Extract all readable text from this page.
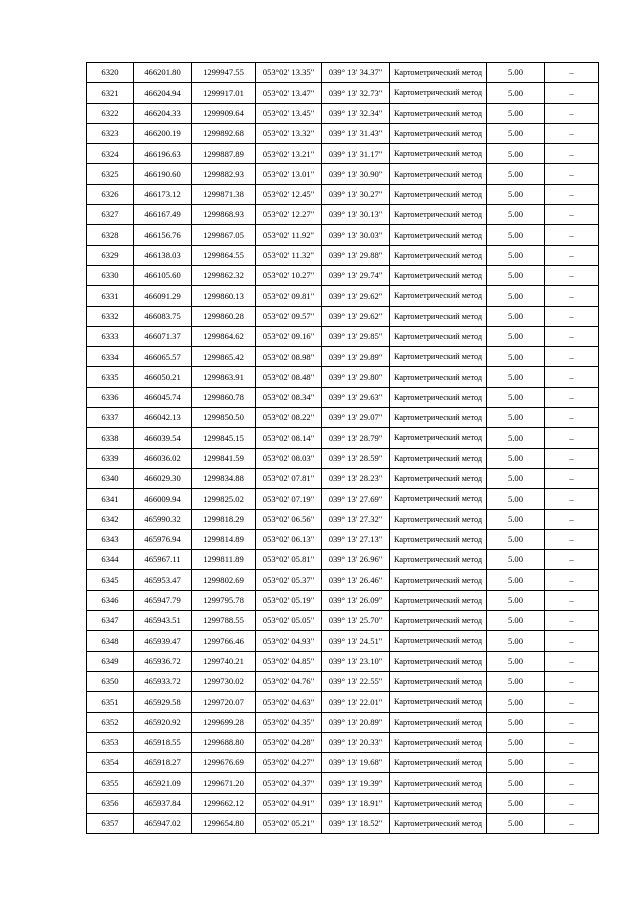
6320	466201.80	1299947.55	053°02' 13.35"	039° 13' 34.37"	Картометрический метод	5.00	–
6321	466204.94	1299917.01	053°02' 13.47"	039° 13' 32.73"	Картометрический метод	5.00	–
6322	466204.33	1299909.64	053°02' 13.45"	039° 13' 32.34"	Картометрический метод	5.00	–
6323	466200.19	1299892.68	053°02' 13.32"	039° 13' 31.43"	Картометрический метод	5.00	–
6324	466196.63	1299887.89	053°02' 13.21"	039° 13' 31.17"	Картометрический метод	5.00	–
6325	466190.60	1299882.93	053°02' 13.01"	039° 13' 30.90"	Картометрический метод	5.00	–
6326	466173.12	1299871.38	053°02' 12.45"	039° 13' 30.27"	Картометрический метод	5.00	–
6327	466167.49	1299868.93	053°02' 12.27"	039° 13' 30.13"	Картометрический метод	5.00	–
6328	466156.76	1299867.05	053°02' 11.92"	039° 13' 30.03"	Картометрический метод	5.00	–
6329	466138.03	1299864.55	053°02' 11.32"	039° 13' 29.88"	Картометрический метод	5.00	–
6330	466105.60	1299862.32	053°02' 10.27"	039° 13' 29.74"	Картометрический метод	5.00	–
6331	466091.29	1299860.13	053°02' 09.81"	039° 13' 29.62"	Картометрический метод	5.00	–
6332	466083.75	1299860.28	053°02' 09.57"	039° 13' 29.62"	Картометрический метод	5.00	–
6333	466071.37	1299864.62	053°02' 09.16"	039° 13' 29.85"	Картометрический метод	5.00	–
6334	466065.57	1299865.42	053°02' 08.98"	039° 13' 29.89"	Картометрический метод	5.00	–
6335	466050.21	1299863.91	053°02' 08.48"	039° 13' 29.80"	Картометрический метод	5.00	–
6336	466045.74	1299860.78	053°02' 08.34"	039° 13' 29.63"	Картометрический метод	5.00	–
6337	466042.13	1299850.50	053°02' 08.22"	039° 13' 29.07"	Картометрический метод	5.00	–
6338	466039.54	1299845.15	053°02' 08.14"	039° 13' 28.79"	Картометрический метод	5.00	–
6339	466036.02	1299841.59	053°02' 08.03"	039° 13' 28.59"	Картометрический метод	5.00	–
6340	466029.30	1299834.88	053°02' 07.81"	039° 13' 28.23"	Картометрический метод	5.00	–
6341	466009.94	1299825.02	053°02' 07.19"	039° 13' 27.69"	Картометрический метод	5.00	–
6342	465990.32	1299818.29	053°02' 06.56"	039° 13' 27.32"	Картометрический метод	5.00	–
6343	465976.94	1299814.89	053°02' 06.13"	039° 13' 27.13"	Картометрический метод	5.00	–
6344	465967.11	1299811.89	053°02' 05.81"	039° 13' 26.96"	Картометрический метод	5.00	–
6345	465953.47	1299802.69	053°02' 05.37"	039° 13' 26.46"	Картометрический метод	5.00	–
6346	465947.79	1299795.78	053°02' 05.19"	039° 13' 26.09"	Картометрический метод	5.00	–
6347	465943.51	1299788.55	053°02' 05.05"	039° 13' 25.70"	Картометрический метод	5.00	–
6348	465939.47	1299766.46	053°02' 04.93"	039° 13' 24.51"	Картометрический метод	5.00	–
6349	465936.72	1299740.21	053°02' 04.85"	039° 13' 23.10"	Картометрический метод	5.00	–
6350	465933.72	1299730.02	053°02' 04.76"	039° 13' 22.55"	Картометрический метод	5.00	–
6351	465929.58	1299720.07	053°02' 04.63"	039° 13' 22.01"	Картометрический метод	5.00	–
6352	465920.92	1299699.28	053°02' 04.35"	039° 13' 20.89"	Картометрический метод	5.00	–
6353	465918.55	1299688.80	053°02' 04.28"	039° 13' 20.33"	Картометрический метод	5.00	–
6354	465918.27	1299676.69	053°02' 04.27"	039° 13' 19.68"	Картометрический метод	5.00	–
6355	465921.09	1299671.20	053°02' 04.37"	039° 13' 19.39"	Картометрический метод	5.00	–
6356	465937.84	1299662.12	053°02' 04.91"	039° 13' 18.91"	Картометрический метод	5.00	–
6357	465947.02	1299654.80	053°02' 05.21"	039° 13' 18.52"	Картометрический метод	5.00	–
